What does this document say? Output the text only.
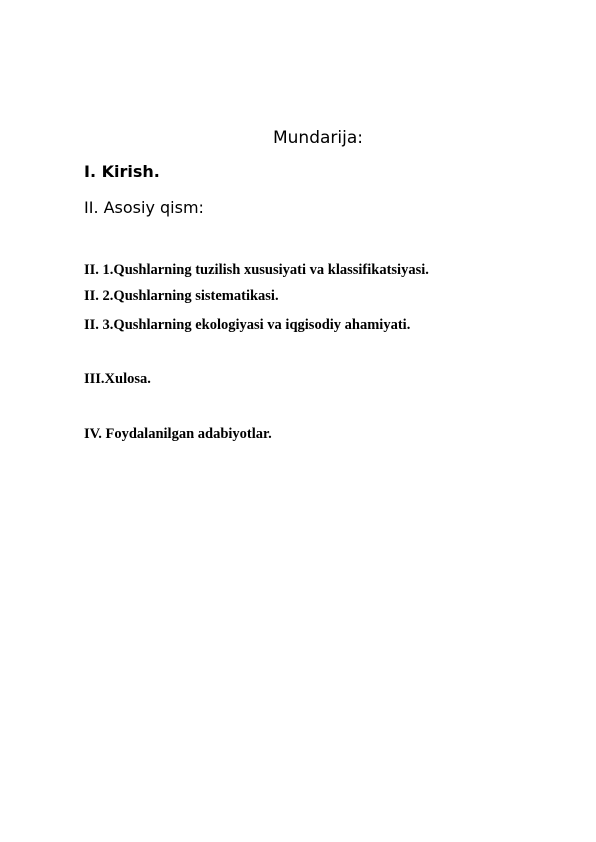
Mundarija:
I. Kirish.
II. Asosiy qism:
II. 1.Qushlarning tuzilish xususiyati va klassifikatsiyasi.
II. 2.Qushlarning sistematikasi.
II. 3.Qushlarning ekologiyasi va iqgisodiy ahamiyati.
III.Xulosa.
IV. Foydalanilgan adabiyotlar.
